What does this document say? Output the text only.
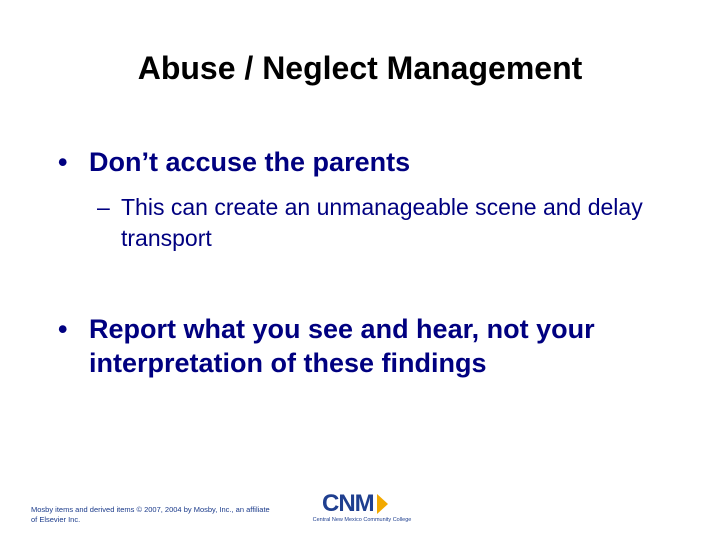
Abuse / Neglect Management
• Don’t accuse the parents
– This can create an unmanageable scene and delay transport
• Report what you see and hear, not your interpretation of these findings
Mosby items and derived items © 2007, 2004 by Mosby, Inc., an affiliate of Elsevier Inc.
CNM
Central New Mexico Community College
